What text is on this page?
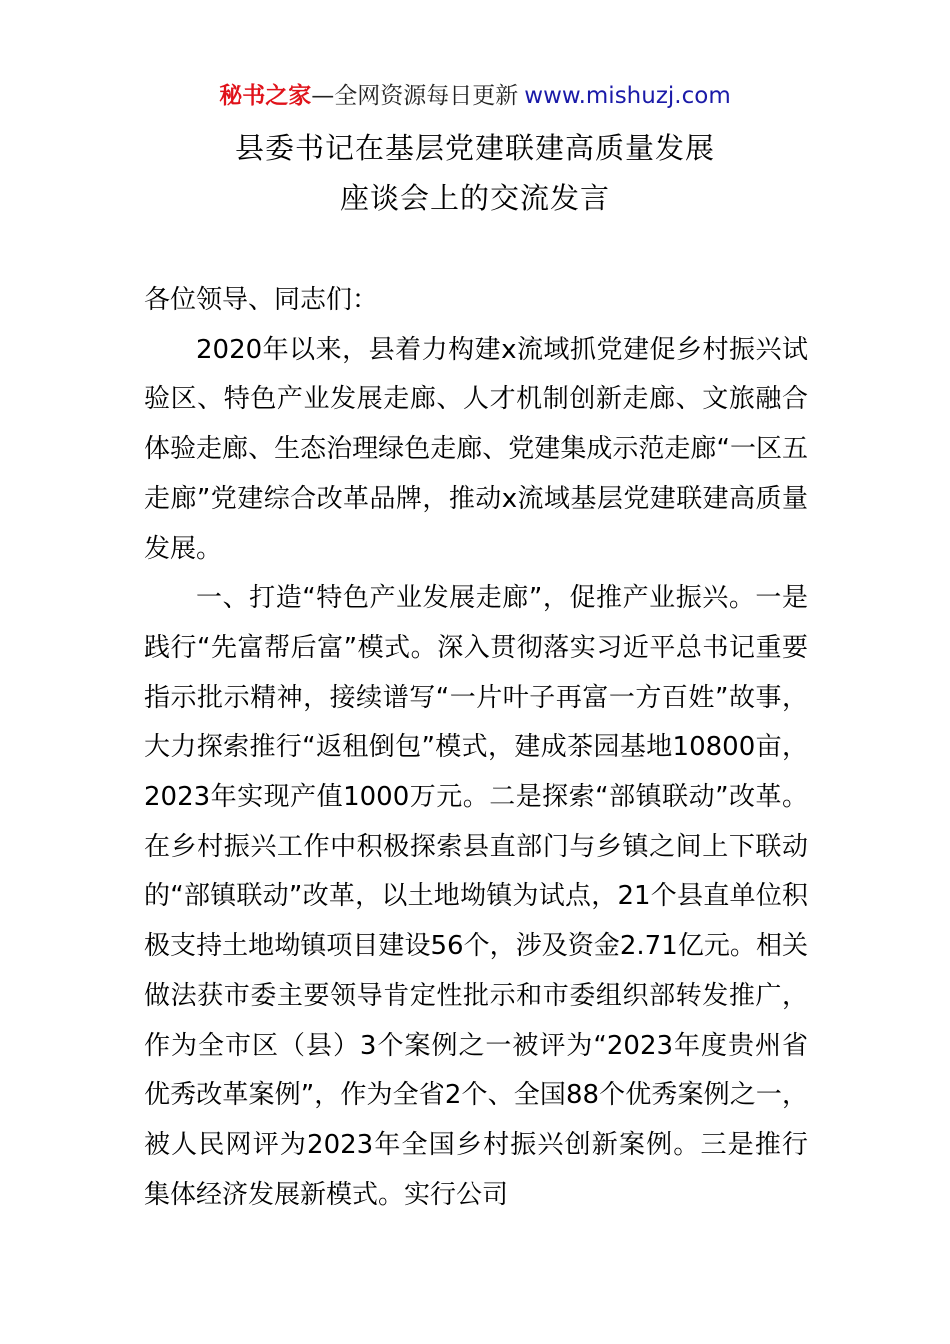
秘书之家—全网资源每日更新 www.mishuzj.com
县委书记在基层党建联建高质量发展
座谈会上的交流发言

各位领导、同志们：

2020年以来，县着力构建x流域抓党建促乡村振兴试验区、特色产业发展走廊、人才机制创新走廊、文旅融合体验走廊、生态治理绿色走廊、党建集成示范走廊“一区五走廊”党建综合改革品牌，推动x流域基层党建联建高质量发展。

一、打造“特色产业发展走廊”，促推产业振兴。一是践行“先富帮后富”模式。深入贯彻落实习近平总书记重要指示批示精神，接续谱写“一片叶子再富一方百姓”故事，大力探索推行“返租倒包”模式，建成茶园基地10800亩，2023年实现产值1000万元。二是探索“部镇联动”改革。在乡村振兴工作中积极探索县直部门与乡镇之间上下联动的“部镇联动”改革，以土地坳镇为试点，21个县直单位积极支持土地坳镇项目建设56个，涉及资金2.71亿元。相关做法获市委主要领导肯定性批示和市委组织部转发推广，作为全市区（县）3个案例之一被评为“2023年度贵州省优秀改革案例”，作为全省2个、全国88个优秀案例之一，被人民网评为2023年全国乡村振兴创新案例。三是推行集体经济发展新模式。实行公司
